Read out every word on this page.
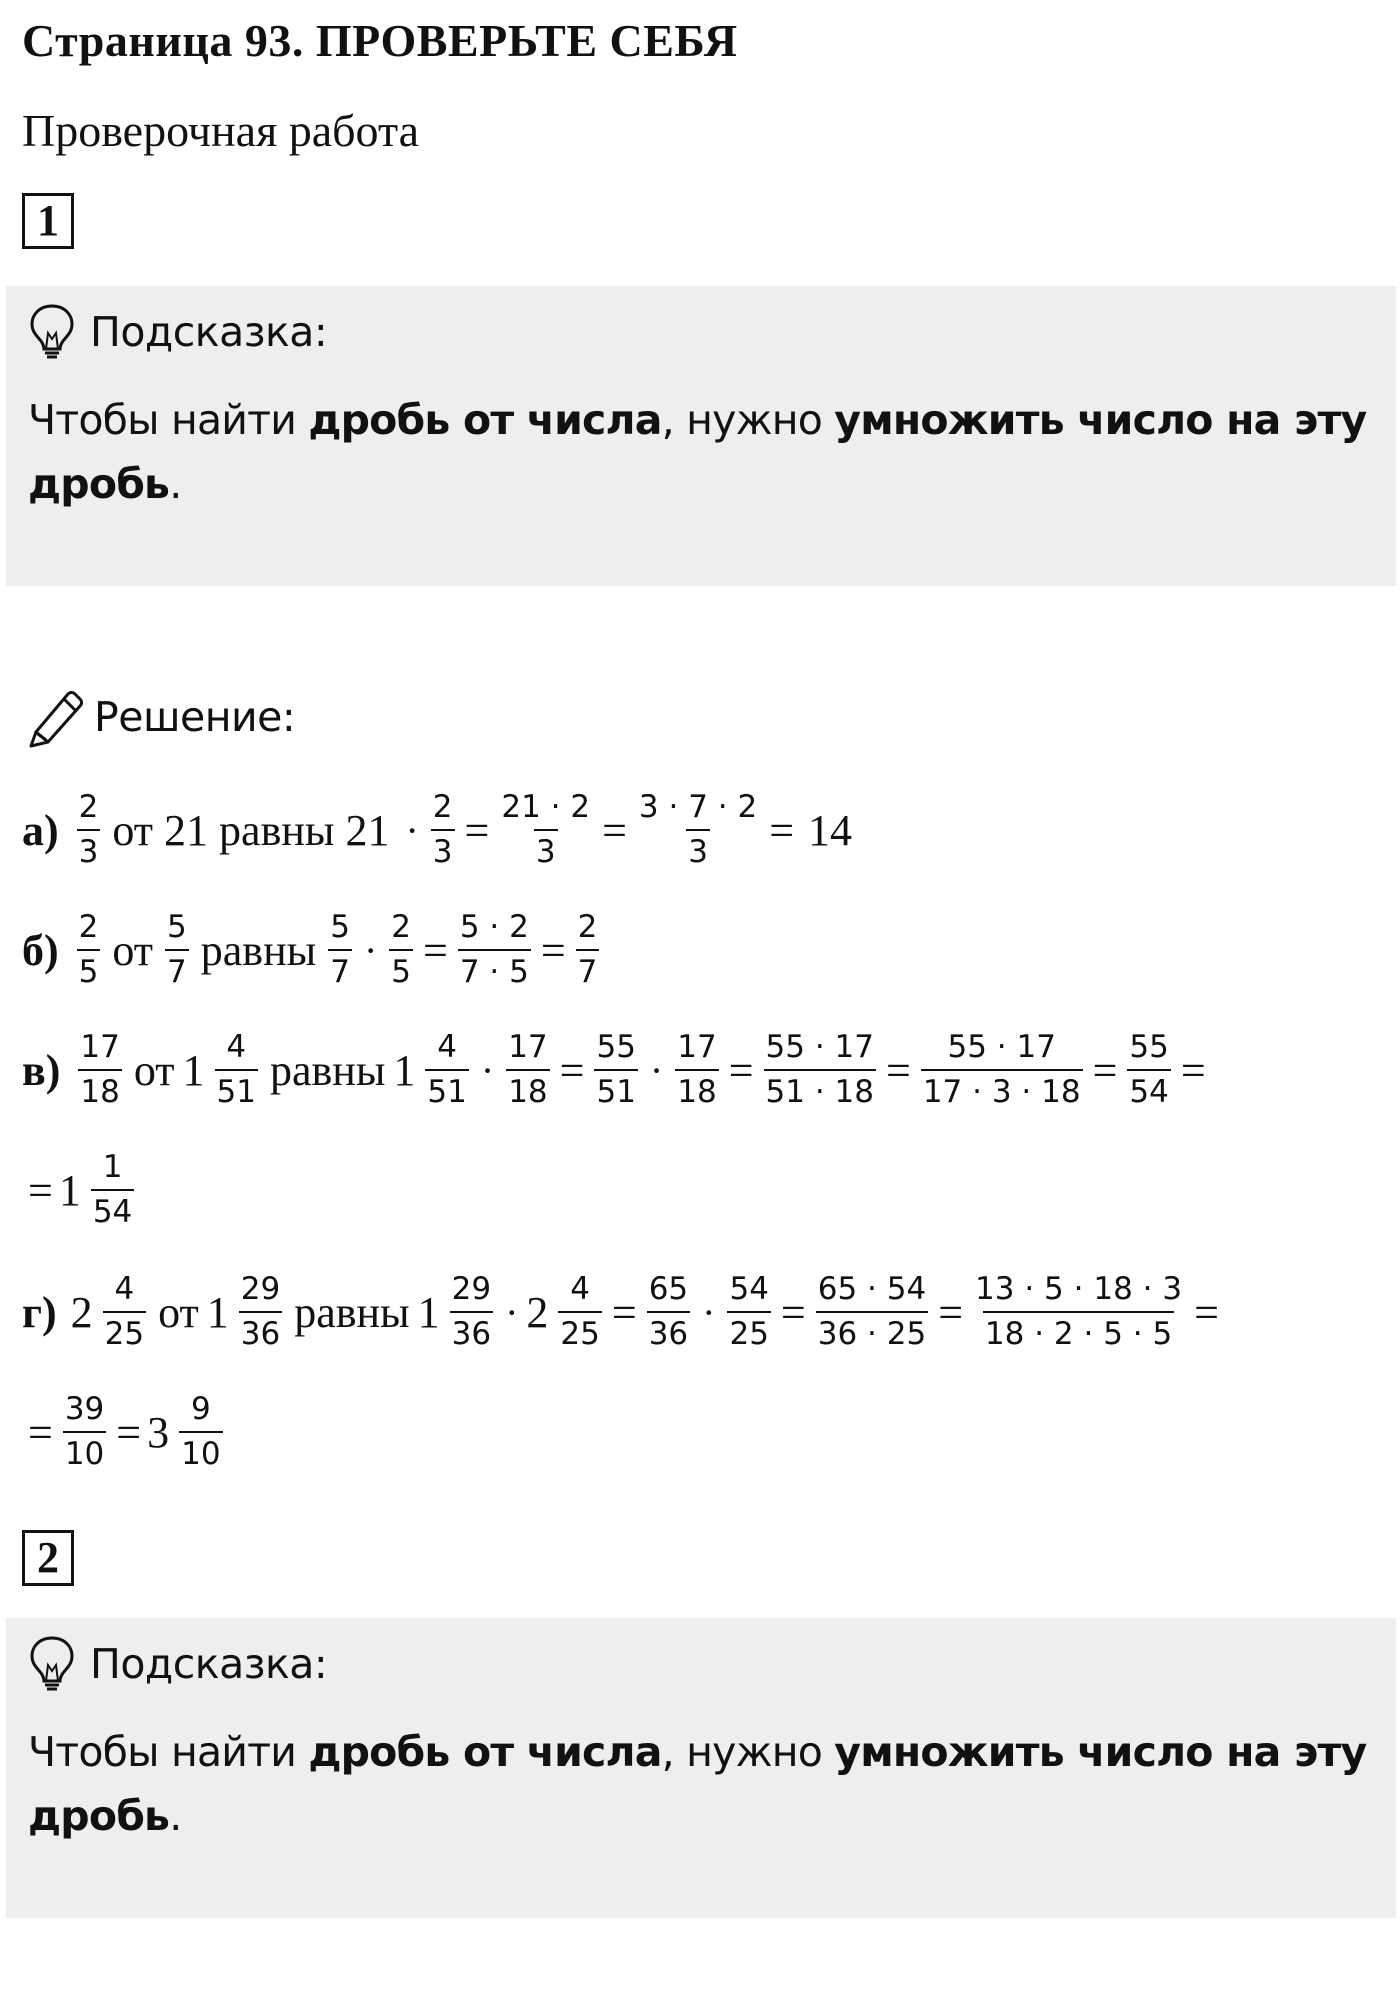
Страница 93. ПРОВЕРЬТЕ СЕБЯ
Проверочная работа
1
Подсказка:
Чтобы найти дробь от числа, нужно умножить число на эту дробь.
Решение:
$а) \frac{2}{3}$ от 21 равны $21 \cdot \frac{2}{3} = \frac{21 \cdot 2}{3} = \frac{3 \cdot 7 \cdot 2}{3} = 14$
$б) \frac{2}{5}$ от $\frac{5}{7}$ равны $\frac{5}{7} \cdot \frac{2}{5} = \frac{5 \cdot 2}{7 \cdot 5} = \frac{2}{7}$
$в) \frac{17}{18}$ от $1 \frac{4}{51}$ равны $1 \frac{4}{51} \cdot \frac{17}{18} = \frac{55}{51} \cdot \frac{17}{18} = \frac{55 \cdot 17}{51 \cdot 18} = \frac{55 \cdot 17}{17 \cdot 3 \cdot 18} = \frac{55}{54}$ =
= $1 \frac{1}{54}$
г) $2 \frac{4}{25}$ от $1 \frac{29}{36}$ равны $1 \frac{29}{36} \cdot 2 \frac{4}{25} = \frac{65}{36} \cdot \frac{54}{25} = \frac{65 \cdot 54}{36 \cdot 25} = \frac{13 \cdot 5 \cdot 18 \cdot 3}{18 \cdot 2 \cdot 5 \cdot 5}$ =
= $\frac{39}{10} = 3 \frac{9}{10}$
2
Подсказка:
Чтобы найти дробь от числа, нужно умножить число на эту дробь.
